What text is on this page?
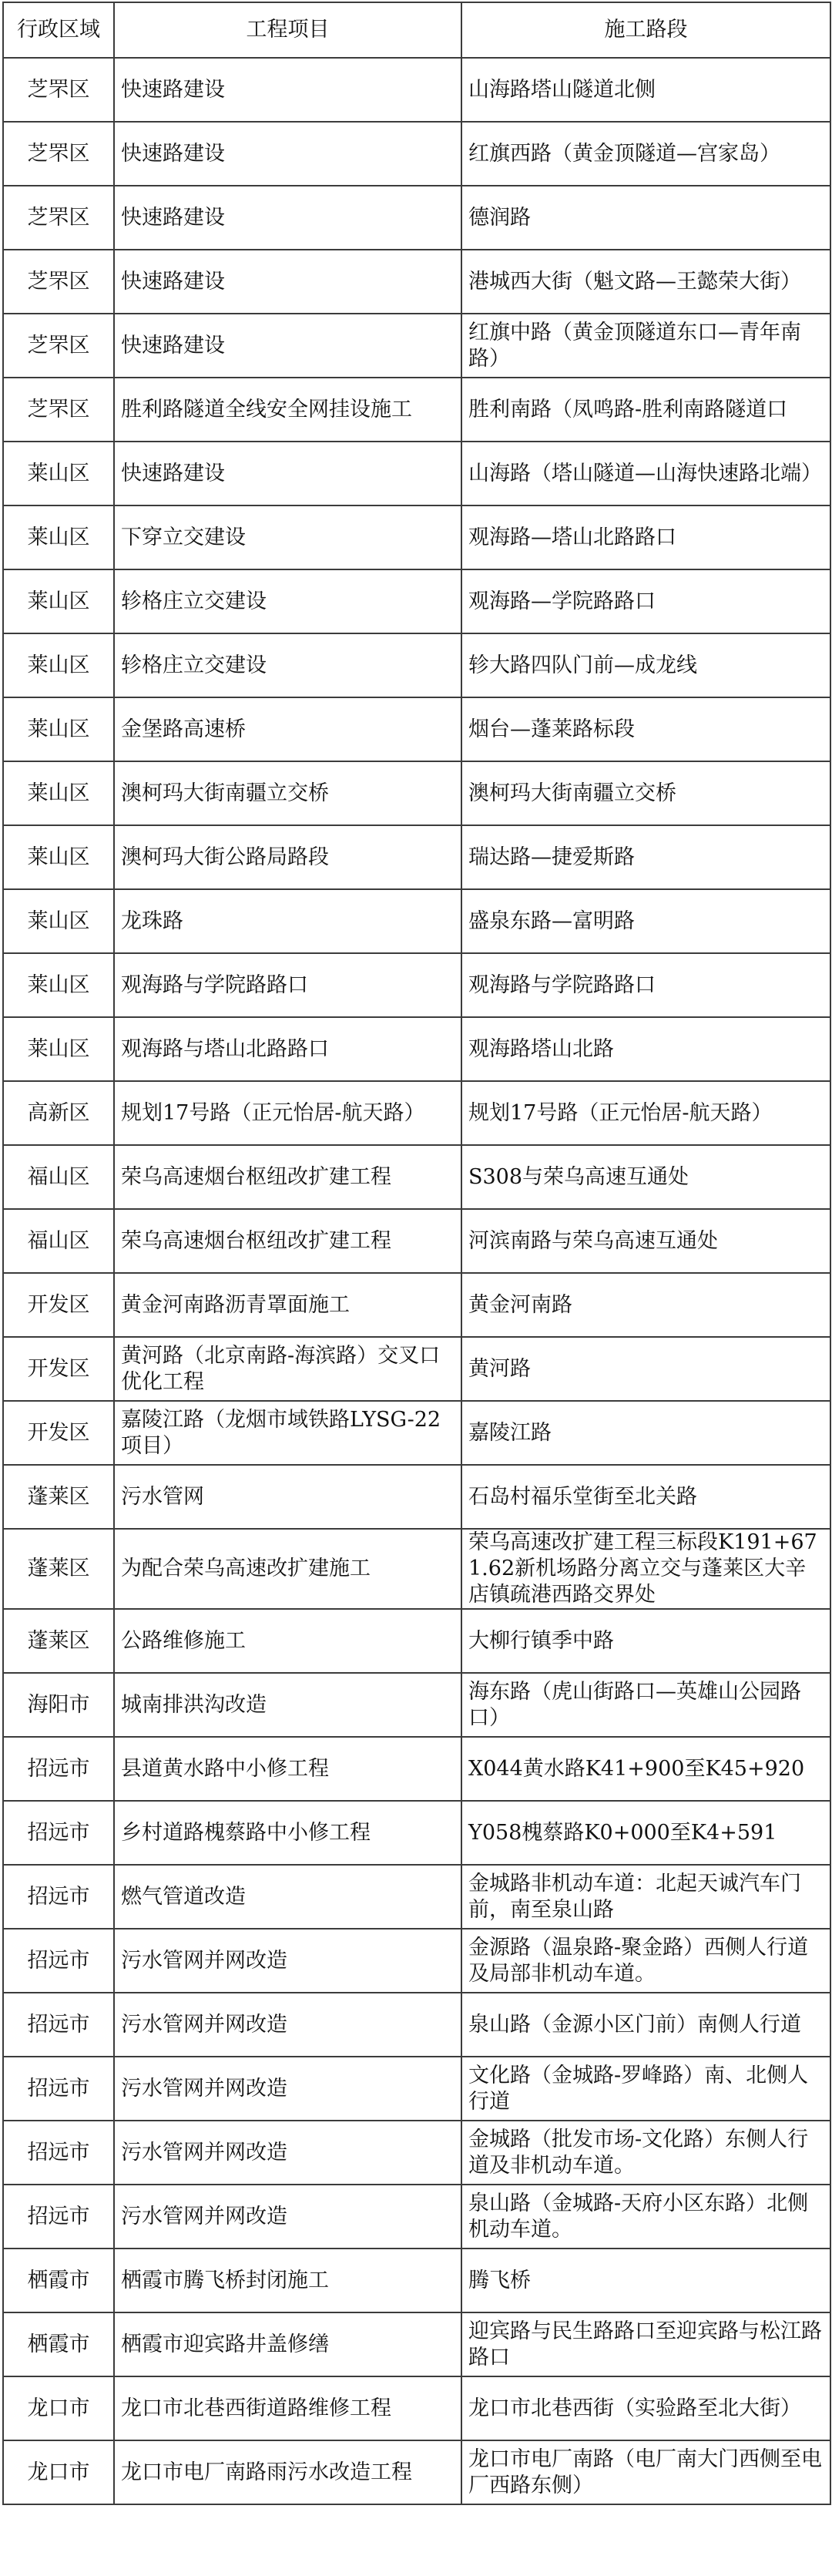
行政区域	工程项目	施工路段
芝罘区	快速路建设	山海路塔山隧道北侧
芝罘区	快速路建设	红旗西路（黄金顶隧道—宫家岛）
芝罘区	快速路建设	德润路
芝罘区	快速路建设	港城西大街（魁文路—王懿荣大街）
芝罘区	快速路建设	红旗中路（黄金顶隧道东口—青年南路）
芝罘区	胜利路隧道全线安全网挂设施工	胜利南路（凤鸣路-胜利南路隧道口
莱山区	快速路建设	山海路（塔山隧道—山海快速路北端）
莱山区	下穿立交建设	观海路—塔山北路路口
莱山区	轸格庄立交建设	观海路—学院路路口
莱山区	轸格庄立交建设	轸大路四队门前—成龙线
莱山区	金堡路高速桥	烟台—蓬莱路标段
莱山区	澳柯玛大街南疆立交桥	澳柯玛大街南疆立交桥
莱山区	澳柯玛大街公路局路段	瑞达路—捷爱斯路
莱山区	龙珠路	盛泉东路—富明路
莱山区	观海路与学院路路口	观海路与学院路路口
莱山区	观海路与塔山北路路口	观海路塔山北路
高新区	规划17号路（正元怡居-航天路）	规划17号路（正元怡居-航天路）
福山区	荣乌高速烟台枢纽改扩建工程	S308与荣乌高速互通处
福山区	荣乌高速烟台枢纽改扩建工程	河滨南路与荣乌高速互通处
开发区	黄金河南路沥青罩面施工	黄金河南路
开发区	黄河路（北京南路-海滨路）交叉口优化工程	黄河路
开发区	嘉陵江路（龙烟市域铁路LYSG-22项目）	嘉陵江路
蓬莱区	污水管网	石岛村福乐堂街至北关路
蓬莱区	为配合荣乌高速改扩建施工	荣乌高速改扩建工程三标段K191+671.62新机场路分离立交与蓬莱区大辛店镇疏港西路交界处
蓬莱区	公路维修施工	大柳行镇季中路
海阳市	城南排洪沟改造	海东路（虎山街路口—英雄山公园路口）
招远市	县道黄水路中小修工程	X044黄水路K41+900至K45+920
招远市	乡村道路槐蔡路中小修工程	Y058槐蔡路K0+000至K4+591
招远市	燃气管道改造	金城路非机动车道：北起天诚汽车门前，南至泉山路
招远市	污水管网并网改造	金源路（温泉路-聚金路）西侧人行道及局部非机动车道。
招远市	污水管网并网改造	泉山路（金源小区门前）南侧人行道
招远市	污水管网并网改造	文化路（金城路-罗峰路）南、北侧人行道
招远市	污水管网并网改造	金城路（批发市场-文化路）东侧人行道及非机动车道。
招远市	污水管网并网改造	泉山路（金城路-天府小区东路）北侧机动车道。
栖霞市	栖霞市腾飞桥封闭施工	腾飞桥
栖霞市	栖霞市迎宾路井盖修缮	迎宾路与民生路路口至迎宾路与松江路路口
龙口市	龙口市北巷西街道路维修工程	龙口市北巷西街（实验路至北大街）
龙口市	龙口市电厂南路雨污水改造工程	龙口市电厂南路（电厂南大门西侧至电厂西路东侧）
